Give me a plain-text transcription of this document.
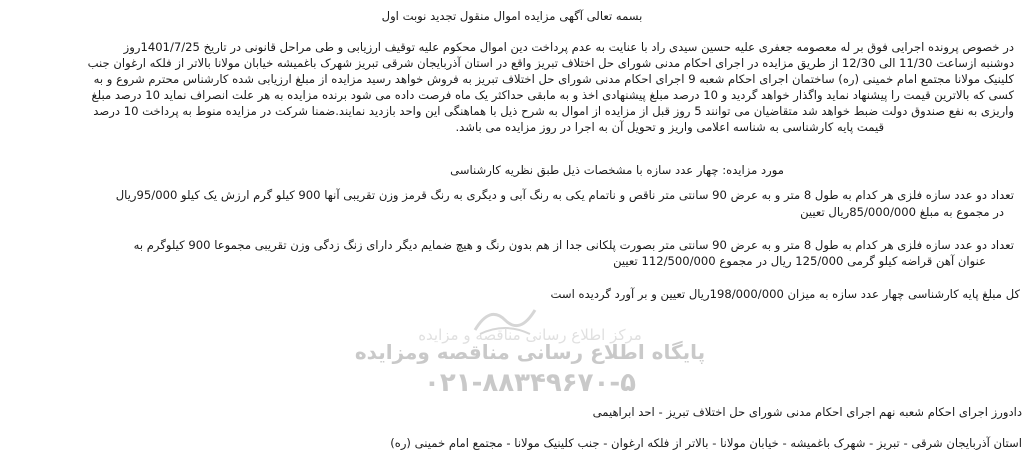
مرکز اطلاع رسانی مناقصه و مزایده
پایگاه اطلاع رسانی مناقصه ومزایده
۰۲۱-۸۸۳۴۹۶۷۰-۵
بسمه تعالی آگهی مزایده اموال منقول تجدید نوبت اول
در خصوص پرونده اجرایی فوق بر له معصومه جعفری علیه حسین سیدی راد با عنایت به عدم پرداخت دین اموال محکوم علیه توقیف ارزیابی و طی مراحل قانونی در تاریخ 1401/7/25روز
دوشنبه ازساعت 11/30 الی 12/30 از طریق مزایده در اجرای احکام مدنی شورای حل اختلاف تبریز واقع در استان آذربایجان شرقی تبریز شهرک باغمیشه خیابان مولانا بالاتر از فلکه ارغوان جنب
کلینیک مولانا مجتمع امام خمینی (ره) ساختمان اجرای احکام شعبه 9 اجرای احکام مدنی شورای حل اختلاف تبریز به فروش خواهد رسید مزایده از مبلغ ارزیابی شده کارشناس محترم شروع و به
کسی که بالاترین قیمت را پیشنهاد نماید واگذار خواهد گردید و 10 درصد مبلغ پیشنهادی اخذ و به مابقی حداکثر یک ماه فرصت داده می شود برنده مزایده به هر علت انصراف نماید 10 درصد مبلغ
واریزی به نفع صندوق دولت ضبط خواهد شد متقاضیان می توانند 5 روز قبل از مزایده از اموال به شرح ذیل با هماهنگی این واحد بازدید نمایند.ضمنا شرکت در مزایده منوط به پرداخت 10 درصد
قیمت پایه کارشناسی به شناسه اعلامی واریز و تحویل آن به اجرا در روز مزایده می باشد.
مورد مزایده: چهار عدد سازه با مشخصات ذیل طبق نظریه کارشناسی
تعداد دو عدد سازه فلزی هر کدام به طول 8 متر و به عرض 90 سانتی متر ناقص و ناتمام یکی به رنگ آبی و دیگری به رنگ قرمز وزن تقریبی آنها 900 کیلو گرم ارزش یک کیلو 95/000ریال
در مجموع به مبلغ 85/000/000ریال تعیین
تعداد دو عدد سازه فلزی هر کدام به طول 8 متر و به عرض 90 سانتی متر بصورت پلکانی جدا از هم بدون رنگ و هیچ ضمایم دیگر دارای زنگ زدگی وزن تقریبی مجموعا 900 کیلوگرم به
عنوان آهن قراضه کیلو گرمی 125/000 ریال در مجموع 112/500/000 تعیین
کل مبلغ پایه کارشناسی چهار عدد سازه به میزان 198/000/000ریال تعیین و بر آورد گردیده است
دادورز اجرای احکام شعبه نهم اجرای احکام مدنی شورای حل اختلاف تبریز - احد ابراهیمی
استان آذربایجان شرقی - تبریز - شهرک باغمیشه - خیابان مولانا - بالاتر از فلکه ارغوان - جنب کلینیک مولانا - مجتمع امام خمینی (ره)
